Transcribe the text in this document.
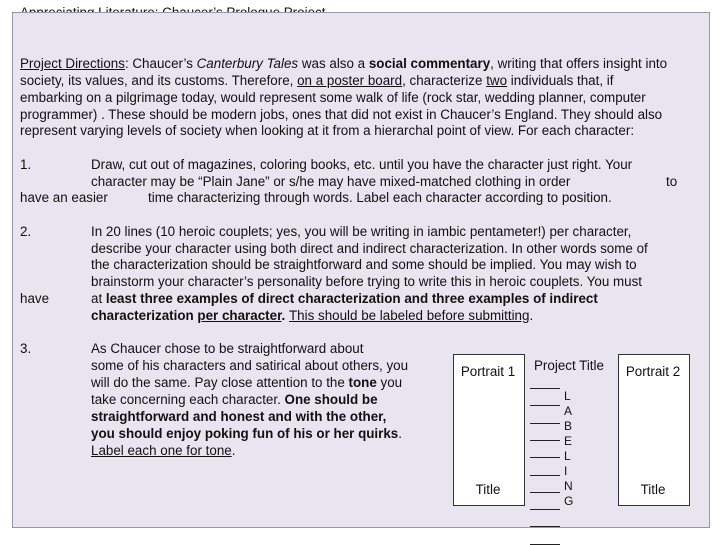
Project Directions: Chaucer’s Canterbury Tales was also a social commentary, writing that offers insight into
society, its values, and its customs. Therefore, on a poster board, characterize two individuals that, if
embarking on a pilgrimage today, would represent some walk of life (rock star, wedding planner, computer
programmer) . These should be modern jobs, ones that did not exist in Chaucer’s England. They should also
represent varying levels of society when looking at it from a hierarchal point of view. For each character:
1.	Draw, cut out of magazines, coloring books, etc. until you have the character just right. Your
character may be “Plain Jane” or s/he may have mixed-matched clothing in order	to
have an easier	time characterizing through words. Label each character according to position.
2.	In 20 lines (10 heroic couplets; yes, you will be writing in iambic pentameter!) per character,
describe your character using both direct and indirect characterization. In other words some of
the characterization should be straightforward and some should be implied. You may wish to
brainstorm your character’s personality before trying to write this in heroic couplets. You must
have	at least three examples of direct characterization and three examples of indirect
characterization per character. This should be labeled before submitting.
3.	As Chaucer chose to be straightforward about
some of his characters and satirical about others, you
will do the same. Pay close attention to the tone you
take concerning each character. One should be
straightforward and honest and with the other,
you should enjoy poking fun of his or her quirks.
Label each one for tone.
Portrait 1
Title
Portrait 2
Title
Project Title
L
A
B
E
L
I
N
G
